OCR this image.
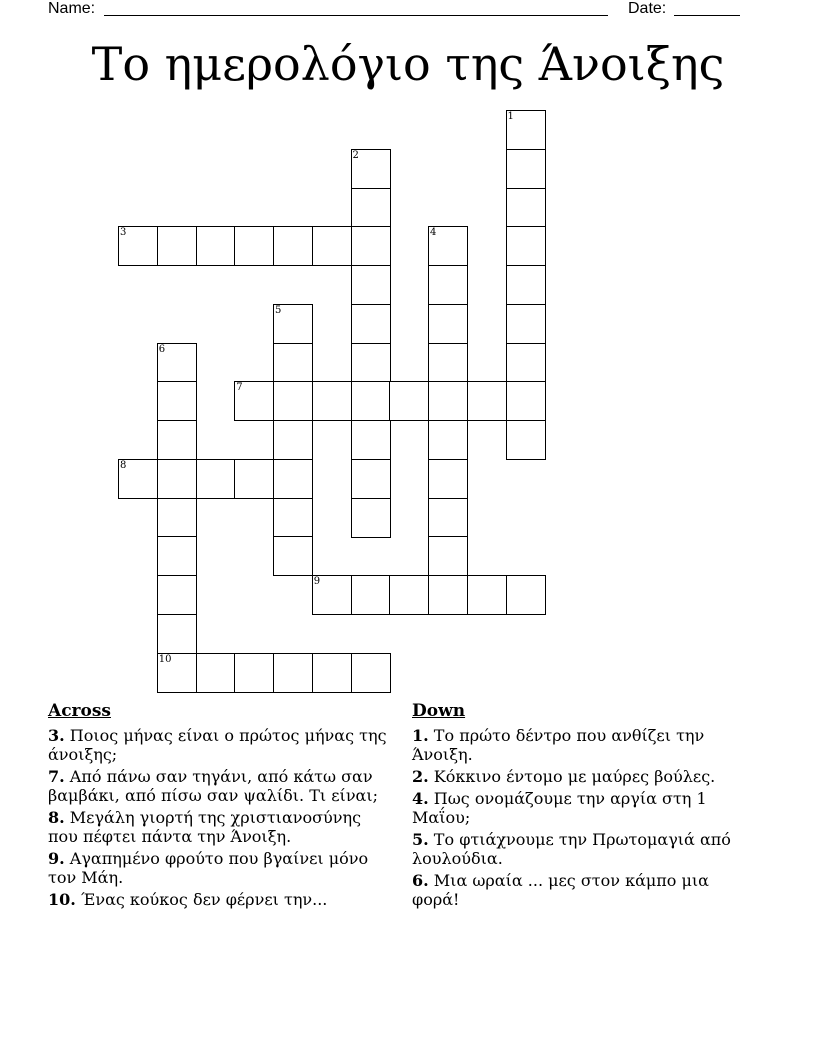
Name:	Date:
Το ημερολόγιο της Άνοιξης
1
2
3	4
5
6
10
7
8
9
Across
3. Ποιος μήνας είναι ο πρώτος μήνας της άνοιξης;
7. Από πάνω σαν τηγάνι, από κάτω σαν βαμβάκι, από πίσω σαν ψαλίδι. Τι είναι;
8. Μεγάλη γιορτή της χριστιανοσύνης που πέφτει πάντα την Άνοιξη.
9. Αγαπημένο φρούτο που βγαίνει μόνο τον Μάη.
10. Ένας κούκος δεν φέρνει την...
Down
1. Το πρώτο δέντρο που ανθίζει την Άνοιξη.
2. Κόκκινο έντομο με μαύρες βούλες.
4. Πως ονομάζουμε την αργία στη 1 Μαΐου;
5. Το φτιάχνουμε την Πρωτομαγιά από λουλούδια.
6. Μια ωραία ... μες στον κάμπο μια φορά!
